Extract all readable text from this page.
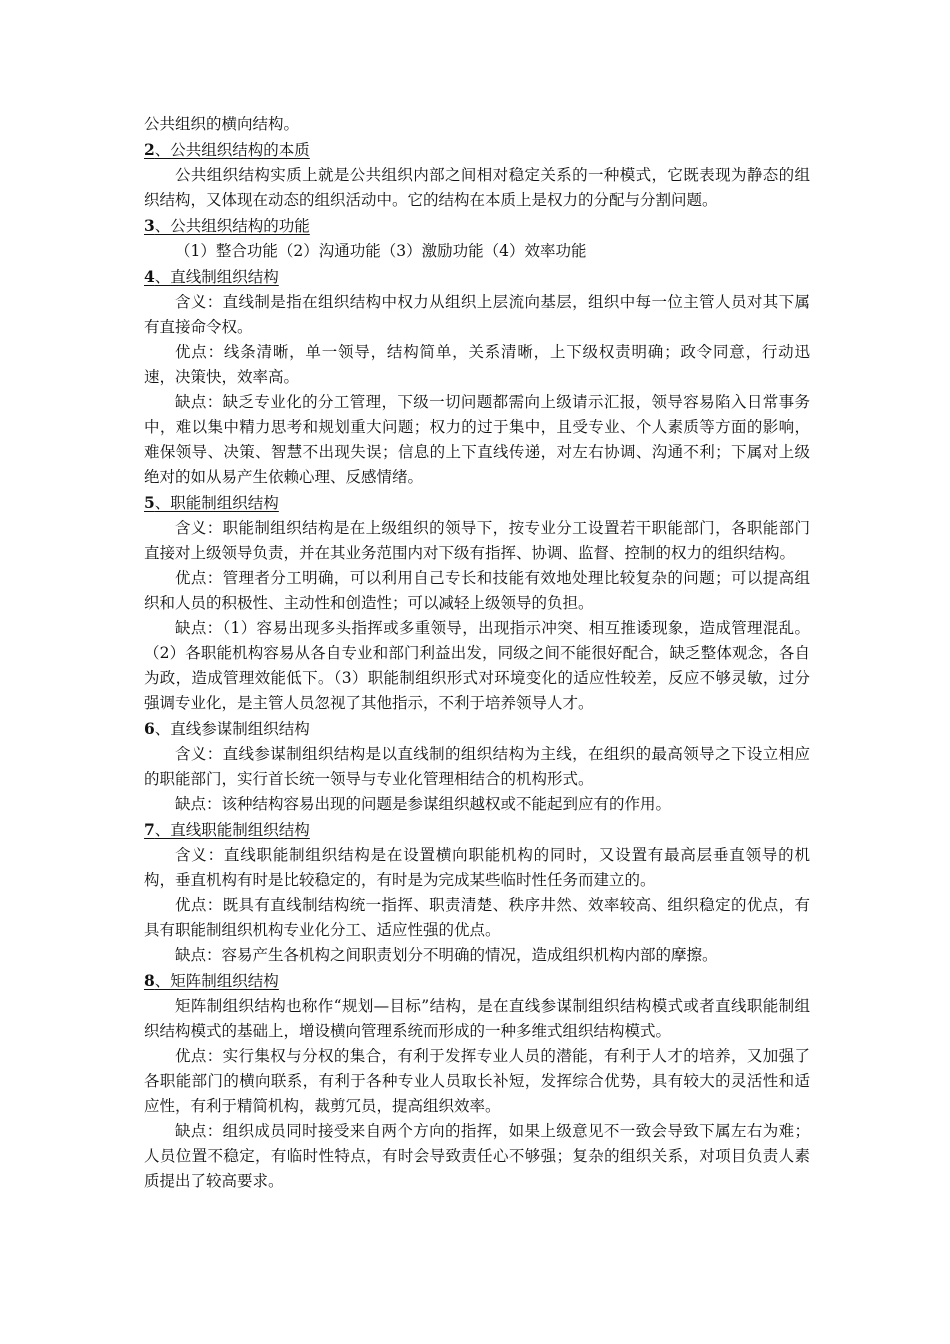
公共组织的横向结构。

2、公共组织结构的本质

公共组织结构实质上就是公共组织内部之间相对稳定关系的一种模式，它既表现为静态的组织结构，又体现在动态的组织活动中。它的结构在本质上是权力的分配与分割问题。

3、公共组织结构的功能

（1）整合功能（2）沟通功能（3）激励功能（4）效率功能

4、直线制组织结构

含义：直线制是指在组织结构中权力从组织上层流向基层，组织中每一位主管人员对其下属有直接命令权。

优点：线条清晰，单一领导，结构简单，关系清晰，上下级权责明确；政令同意，行动迅速，决策快，效率高。

缺点：缺乏专业化的分工管理，下级一切问题都需向上级请示汇报，领导容易陷入日常事务中，难以集中精力思考和规划重大问题；权力的过于集中，且受专业、个人素质等方面的影响，难保领导、决策、智慧不出现失误；信息的上下直线传递，对左右协调、沟通不利；下属对上级绝对的如从易产生依赖心理、反感情绪。

5、职能制组织结构

含义：职能制组织结构是在上级组织的领导下，按专业分工设置若干职能部门，各职能部门直接对上级领导负责，并在其业务范围内对下级有指挥、协调、监督、控制的权力的组织结构。

优点：管理者分工明确，可以利用自己专长和技能有效地处理比较复杂的问题；可以提高组织和人员的积极性、主动性和创造性；可以减轻上级领导的负担。

缺点：（1）容易出现多头指挥或多重领导，出现指示冲突、相互推诿现象，造成管理混乱。（2）各职能机构容易从各自专业和部门利益出发，同级之间不能很好配合，缺乏整体观念，各自为政，造成管理效能低下。（3）职能制组织形式对环境变化的适应性较差，反应不够灵敏，过分强调专业化，是主管人员忽视了其他指示，不利于培养领导人才。

6、直线参谋制组织结构

含义：直线参谋制组织结构是以直线制的组织结构为主线，在组织的最高领导之下设立相应的职能部门，实行首长统一领导与专业化管理相结合的机构形式。

缺点：该种结构容易出现的问题是参谋组织越权或不能起到应有的作用。

7、直线职能制组织结构

含义：直线职能制组织结构是在设置横向职能机构的同时，又设置有最高层垂直领导的机构，垂直机构有时是比较稳定的，有时是为完成某些临时性任务而建立的。

优点：既具有直线制结构统一指挥、职责清楚、秩序井然、效率较高、组织稳定的优点，有具有职能制组织机构专业化分工、适应性强的优点。

缺点：容易产生各机构之间职责划分不明确的情况，造成组织机构内部的摩擦。

8、矩阵制组织结构

矩阵制组织结构也称作“规划—目标”结构，是在直线参谋制组织结构模式或者直线职能制组织结构模式的基础上，增设横向管理系统而形成的一种多维式组织结构模式。

优点：实行集权与分权的集合，有利于发挥专业人员的潜能，有利于人才的培养，又加强了各职能部门的横向联系，有利于各种专业人员取长补短，发挥综合优势，具有较大的灵活性和适应性，有利于精简机构，裁剪冗员，提高组织效率。

缺点：组织成员同时接受来自两个方向的指挥，如果上级意见不一致会导致下属左右为难；人员位置不稳定，有临时性特点，有时会导致责任心不够强；复杂的组织关系，对项目负责人素质提出了较高要求。
